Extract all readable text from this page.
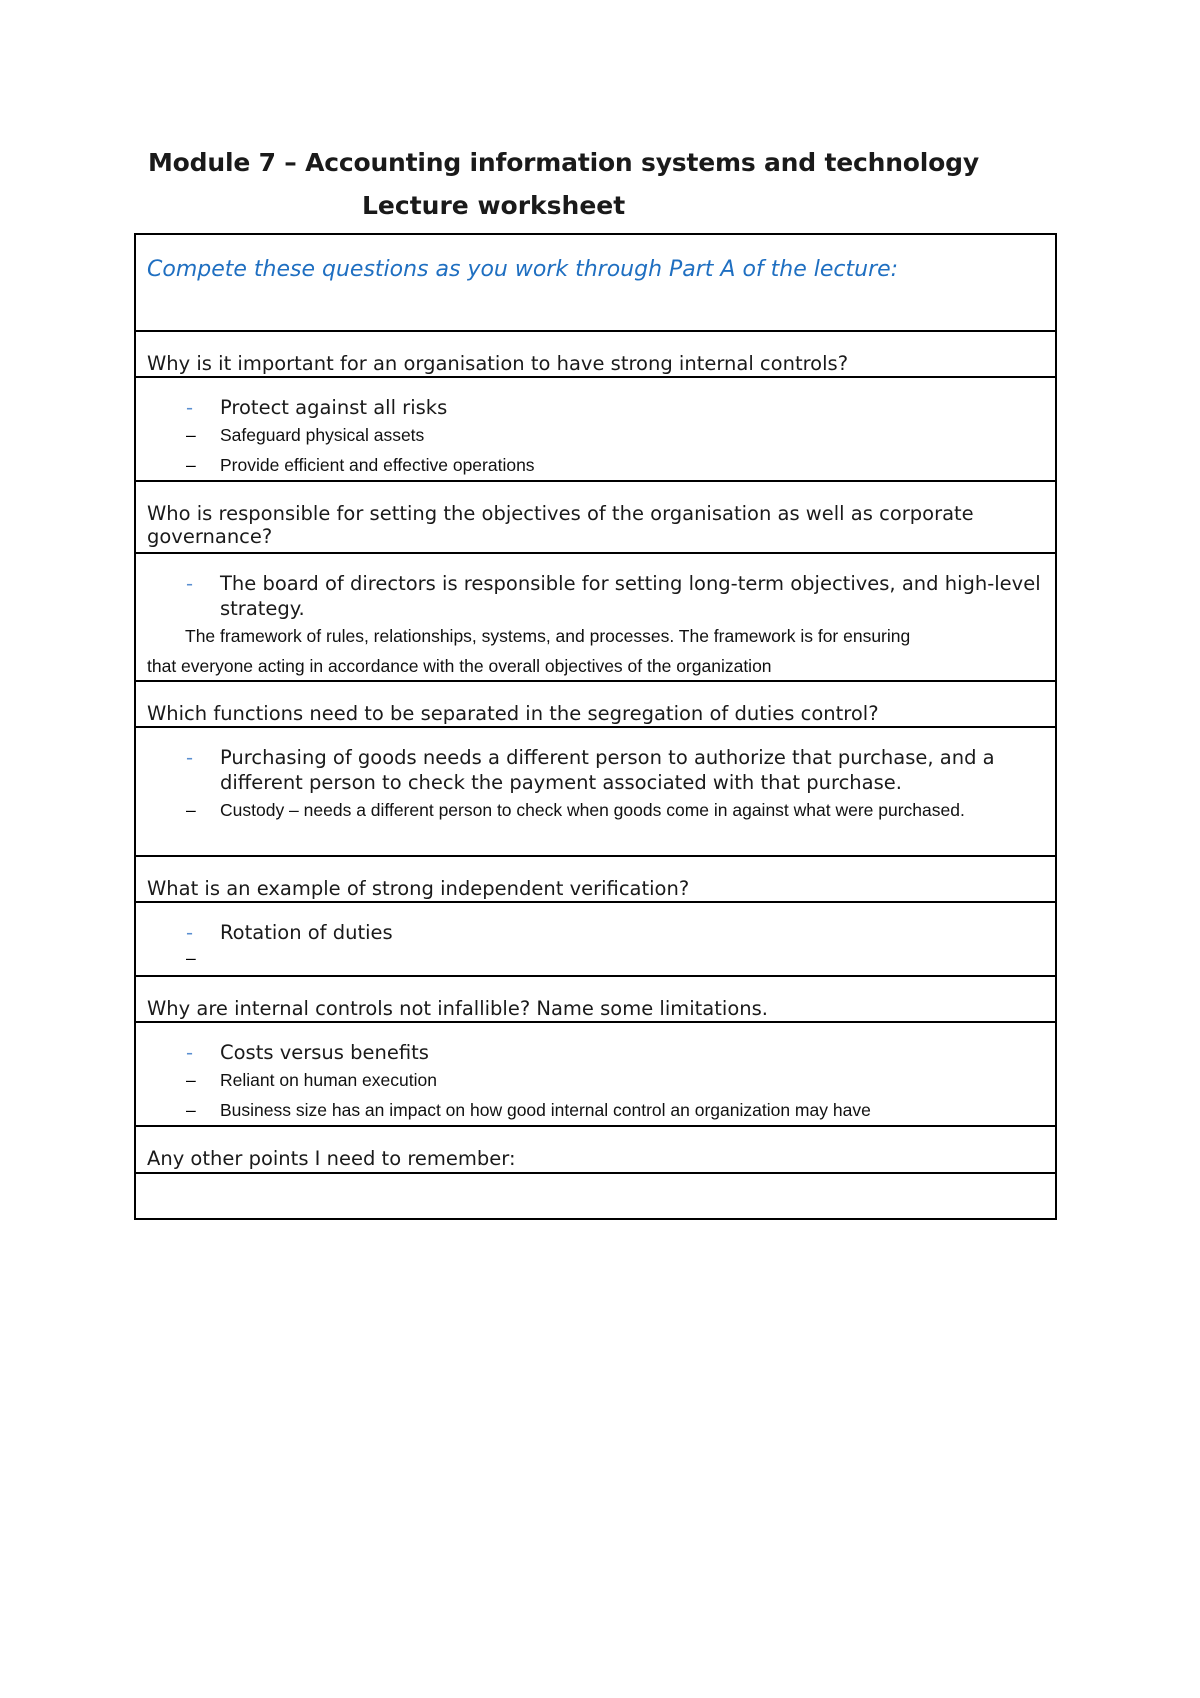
Module 7 – Accounting information systems and technology
Lecture worksheet
Compete these questions as you work through Part A of the lecture:
Why is it important for an organisation to have strong internal controls?
- Protect against all risks
– Safeguard physical assets
– Provide efficient and effective operations
Who is responsible for setting the objectives of the organisation as well as corporate governance?
- The board of directors is responsible for setting long-term objectives, and high-level strategy.
The framework of rules, relationships, systems, and processes. The framework is for ensuring
that everyone acting in accordance with the overall objectives of the organization
Which functions need to be separated in the segregation of duties control?
- Purchasing of goods needs a different person to authorize that purchase, and a different person to check the payment associated with that purchase.
– Custody – needs a different person to check when goods come in against what were purchased.
What is an example of strong independent verification?
- Rotation of duties
–
Why are internal controls not infallible? Name some limitations.
- Costs versus benefits
– Reliant on human execution
– Business size has an impact on how good internal control an organization may have
Any other points I need to remember:
